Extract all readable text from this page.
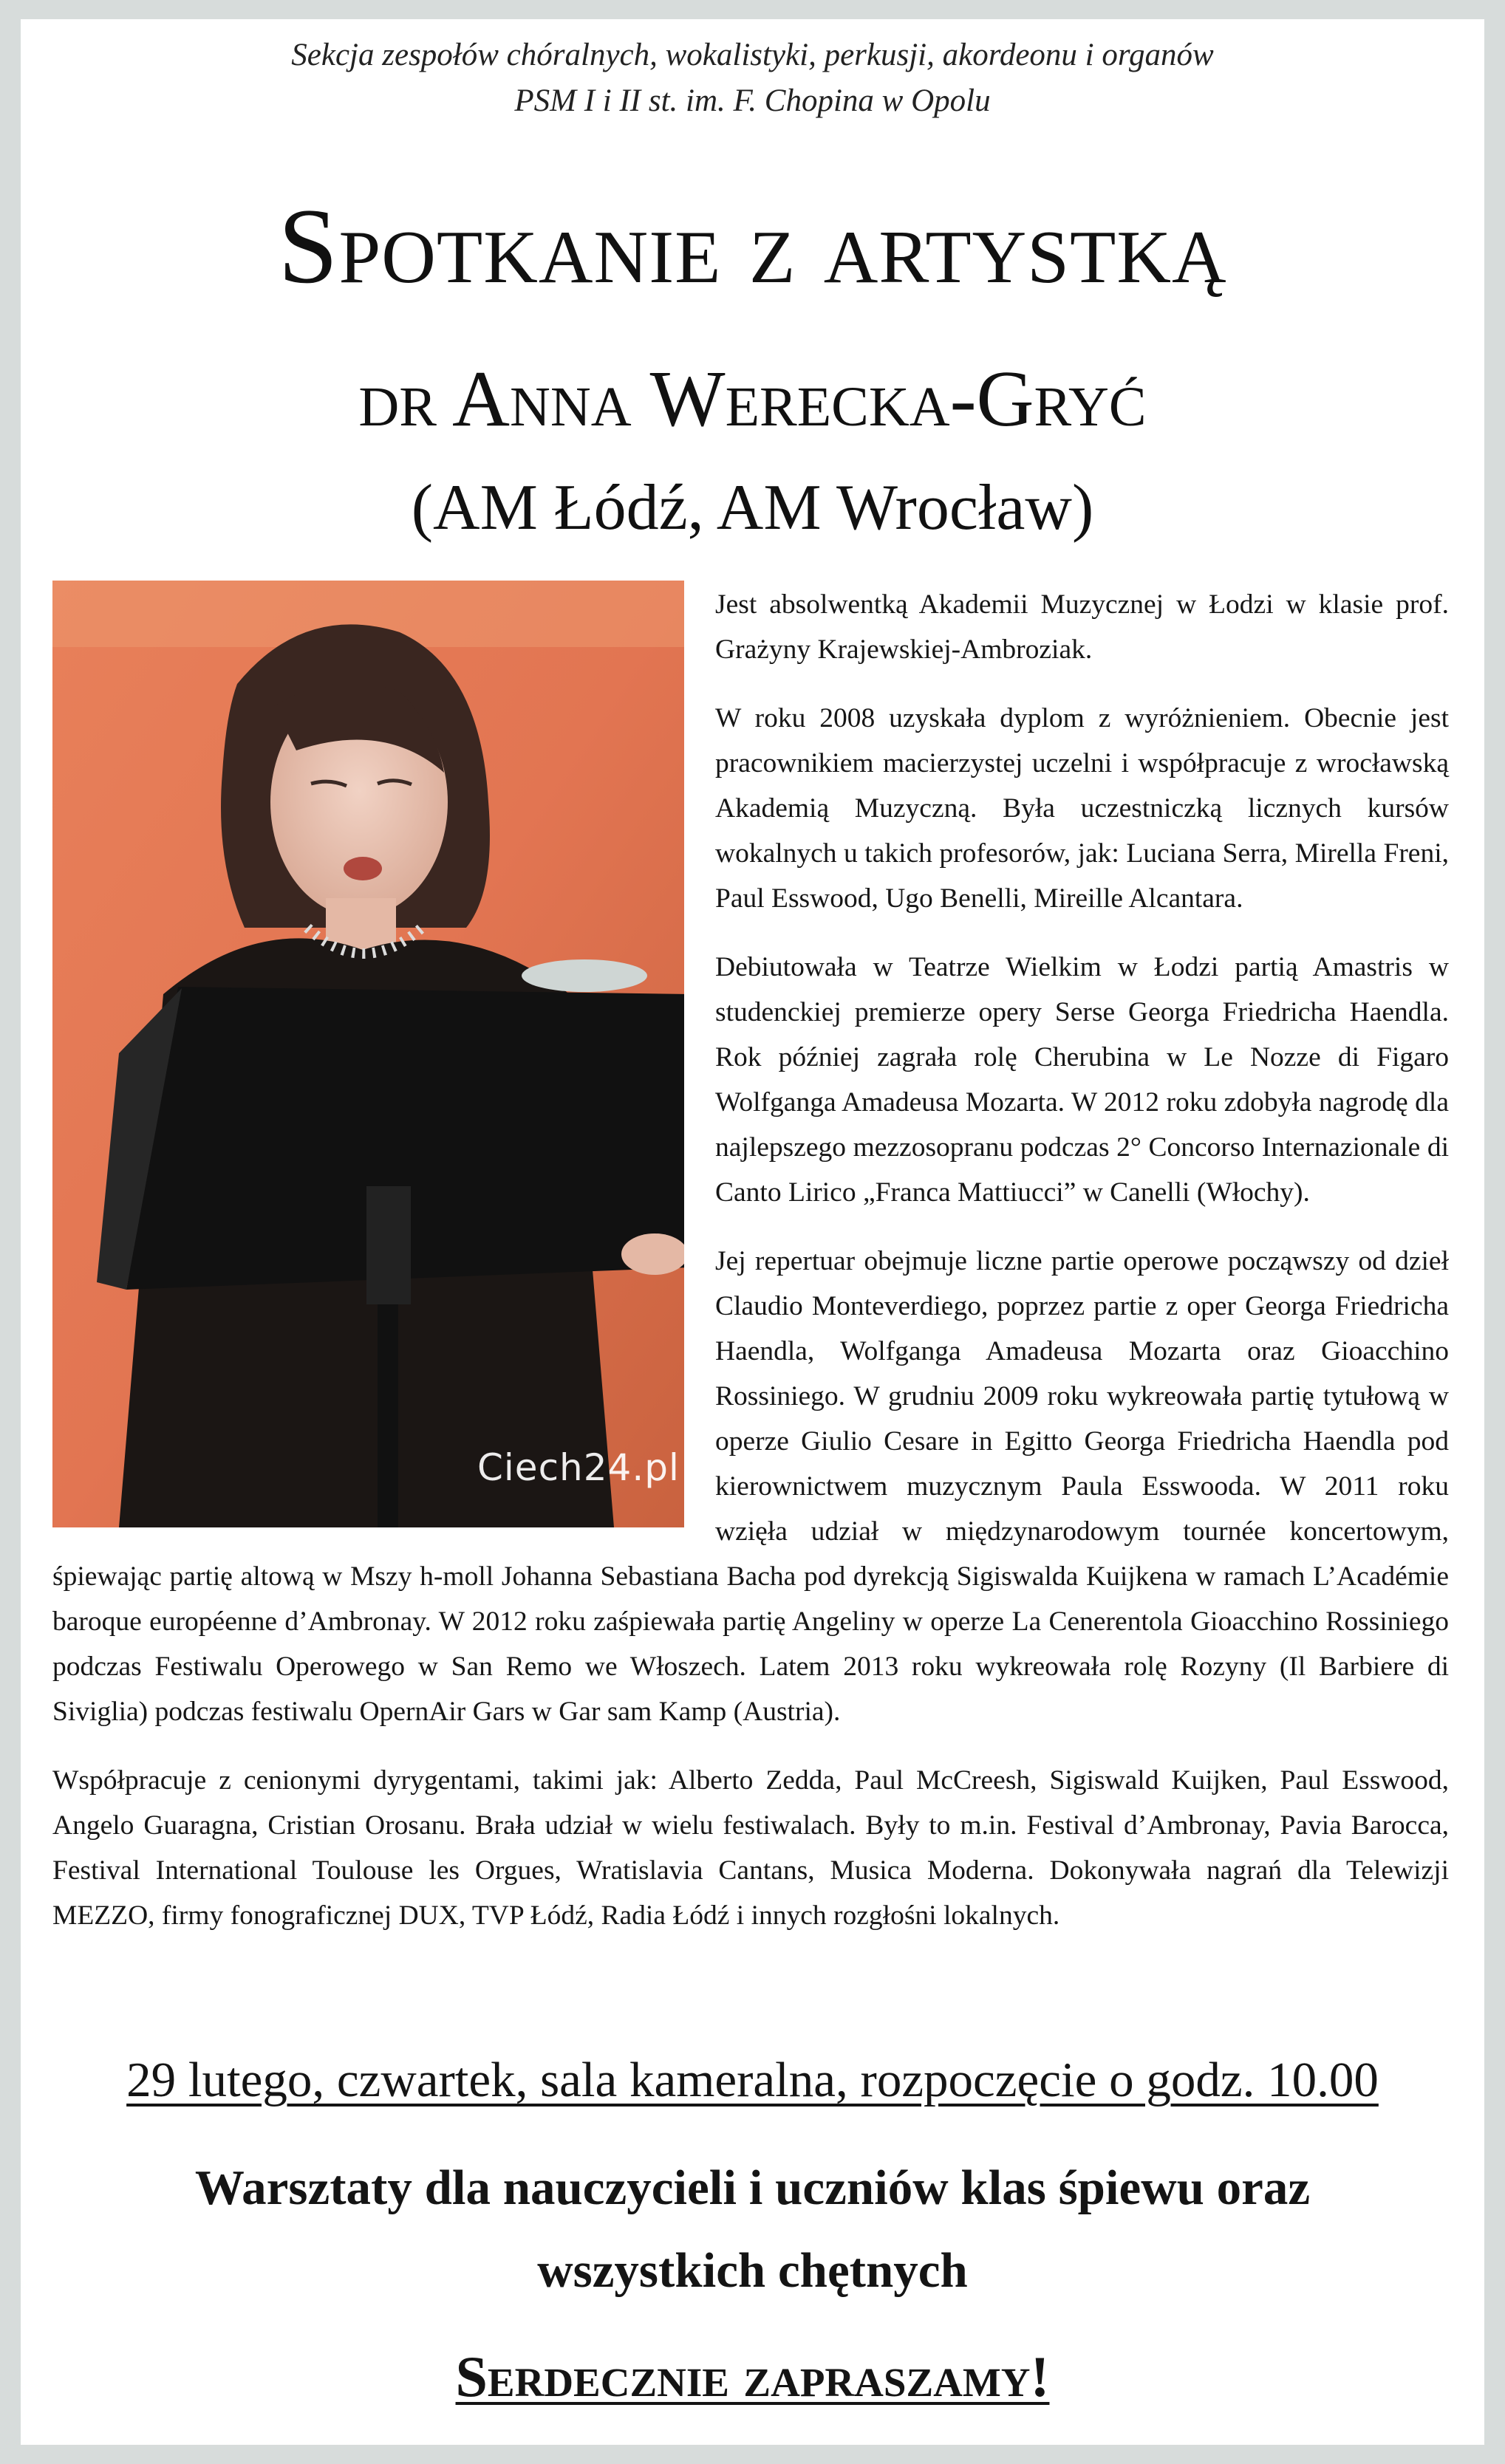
Sekcja zespołów chóralnych, wokalistyki, perkusji, akordeonu i organów
PSM I i II st. im. F. Chopina w Opolu
Spotkanie z artystką
dr Anna Werecka-Gryć
(AM Łódź, AM Wrocław)
Ciech24.pl

Jest absolwentką Akademii Muzycznej w Łodzi w klasie prof. Grażyny Krajewskiej-Ambroziak.

W roku 2008 uzyskała dyplom z wyróżnieniem. Obecnie jest pracownikiem macierzystej uczelni i współpracuje z wrocławską Akademią Muzyczną. Była uczestniczką licznych kursów wokalnych u takich profesorów, jak: Luciana Serra, Mirella Freni, Paul Esswood, Ugo Benelli, Mireille Alcantara.

Debiutowała w Teatrze Wielkim w Łodzi partią Amastris w studenckiej premierze opery Serse Georga Friedricha Haendla. Rok później zagrała rolę Cherubina w Le Nozze di Figaro Wolfganga Amadeusa Mozarta. W 2012 roku zdobyła nagrodę dla najlepszego mezzosopranu podczas 2° Concorso Internazionale di Canto Lirico „Franca Mattiucci” w Canelli (Włochy).

Jej repertuar obejmuje liczne partie operowe począwszy od dzieł Claudio Monteverdiego, poprzez partie z oper Georga Friedricha Haendla, Wolfganga Amadeusa Mozarta oraz Gioacchino Rossiniego. W grudniu 2009 roku wykreowała partię tytułową w operze Giulio Cesare in Egitto Georga Friedricha Haendla pod kierownictwem muzycznym Paula Esswooda. W 2011 roku wzięła udział w międzynarodowym tournée koncertowym, śpiewając partię altową w Mszy h-moll Johanna Sebastiana Bacha pod dyrekcją Sigiswalda Kuijkena w ramach L’Académie baroque européenne d’Ambronay. W 2012 roku zaśpiewała partię Angeliny w operze La Cenerentola Gioacchino Rossiniego podczas Festiwalu Operowego w San Remo we Włoszech. Latem 2013 roku wykreowała rolę Rozyny (Il Barbiere di Siviglia) podczas festiwalu OpernAir Gars w Gar sam Kamp (Austria).

Współpracuje z cenionymi dyrygentami, takimi jak: Alberto Zedda, Paul McCreesh, Sigiswald Kuijken, Paul Esswood, Angelo Guaragna, Cristian Orosanu. Brała udział w wielu festiwalach. Były to m.in. Festival d’Ambronay, Pavia Barocca, Festival International Toulouse les Orgues, Wratislavia Cantans, Musica Moderna. Dokonywała nagrań dla Telewizji MEZZO, firmy fonograficznej DUX, TVP Łódź, Radia Łódź i innych rozgłośni lokalnych.

29 lutego, czwartek, sala kameralna, rozpoczęcie o godz. 10.00
Warsztaty dla nauczycieli i uczniów klas śpiewu oraz
wszystkich chętnych
Serdecznie zapraszamy!
